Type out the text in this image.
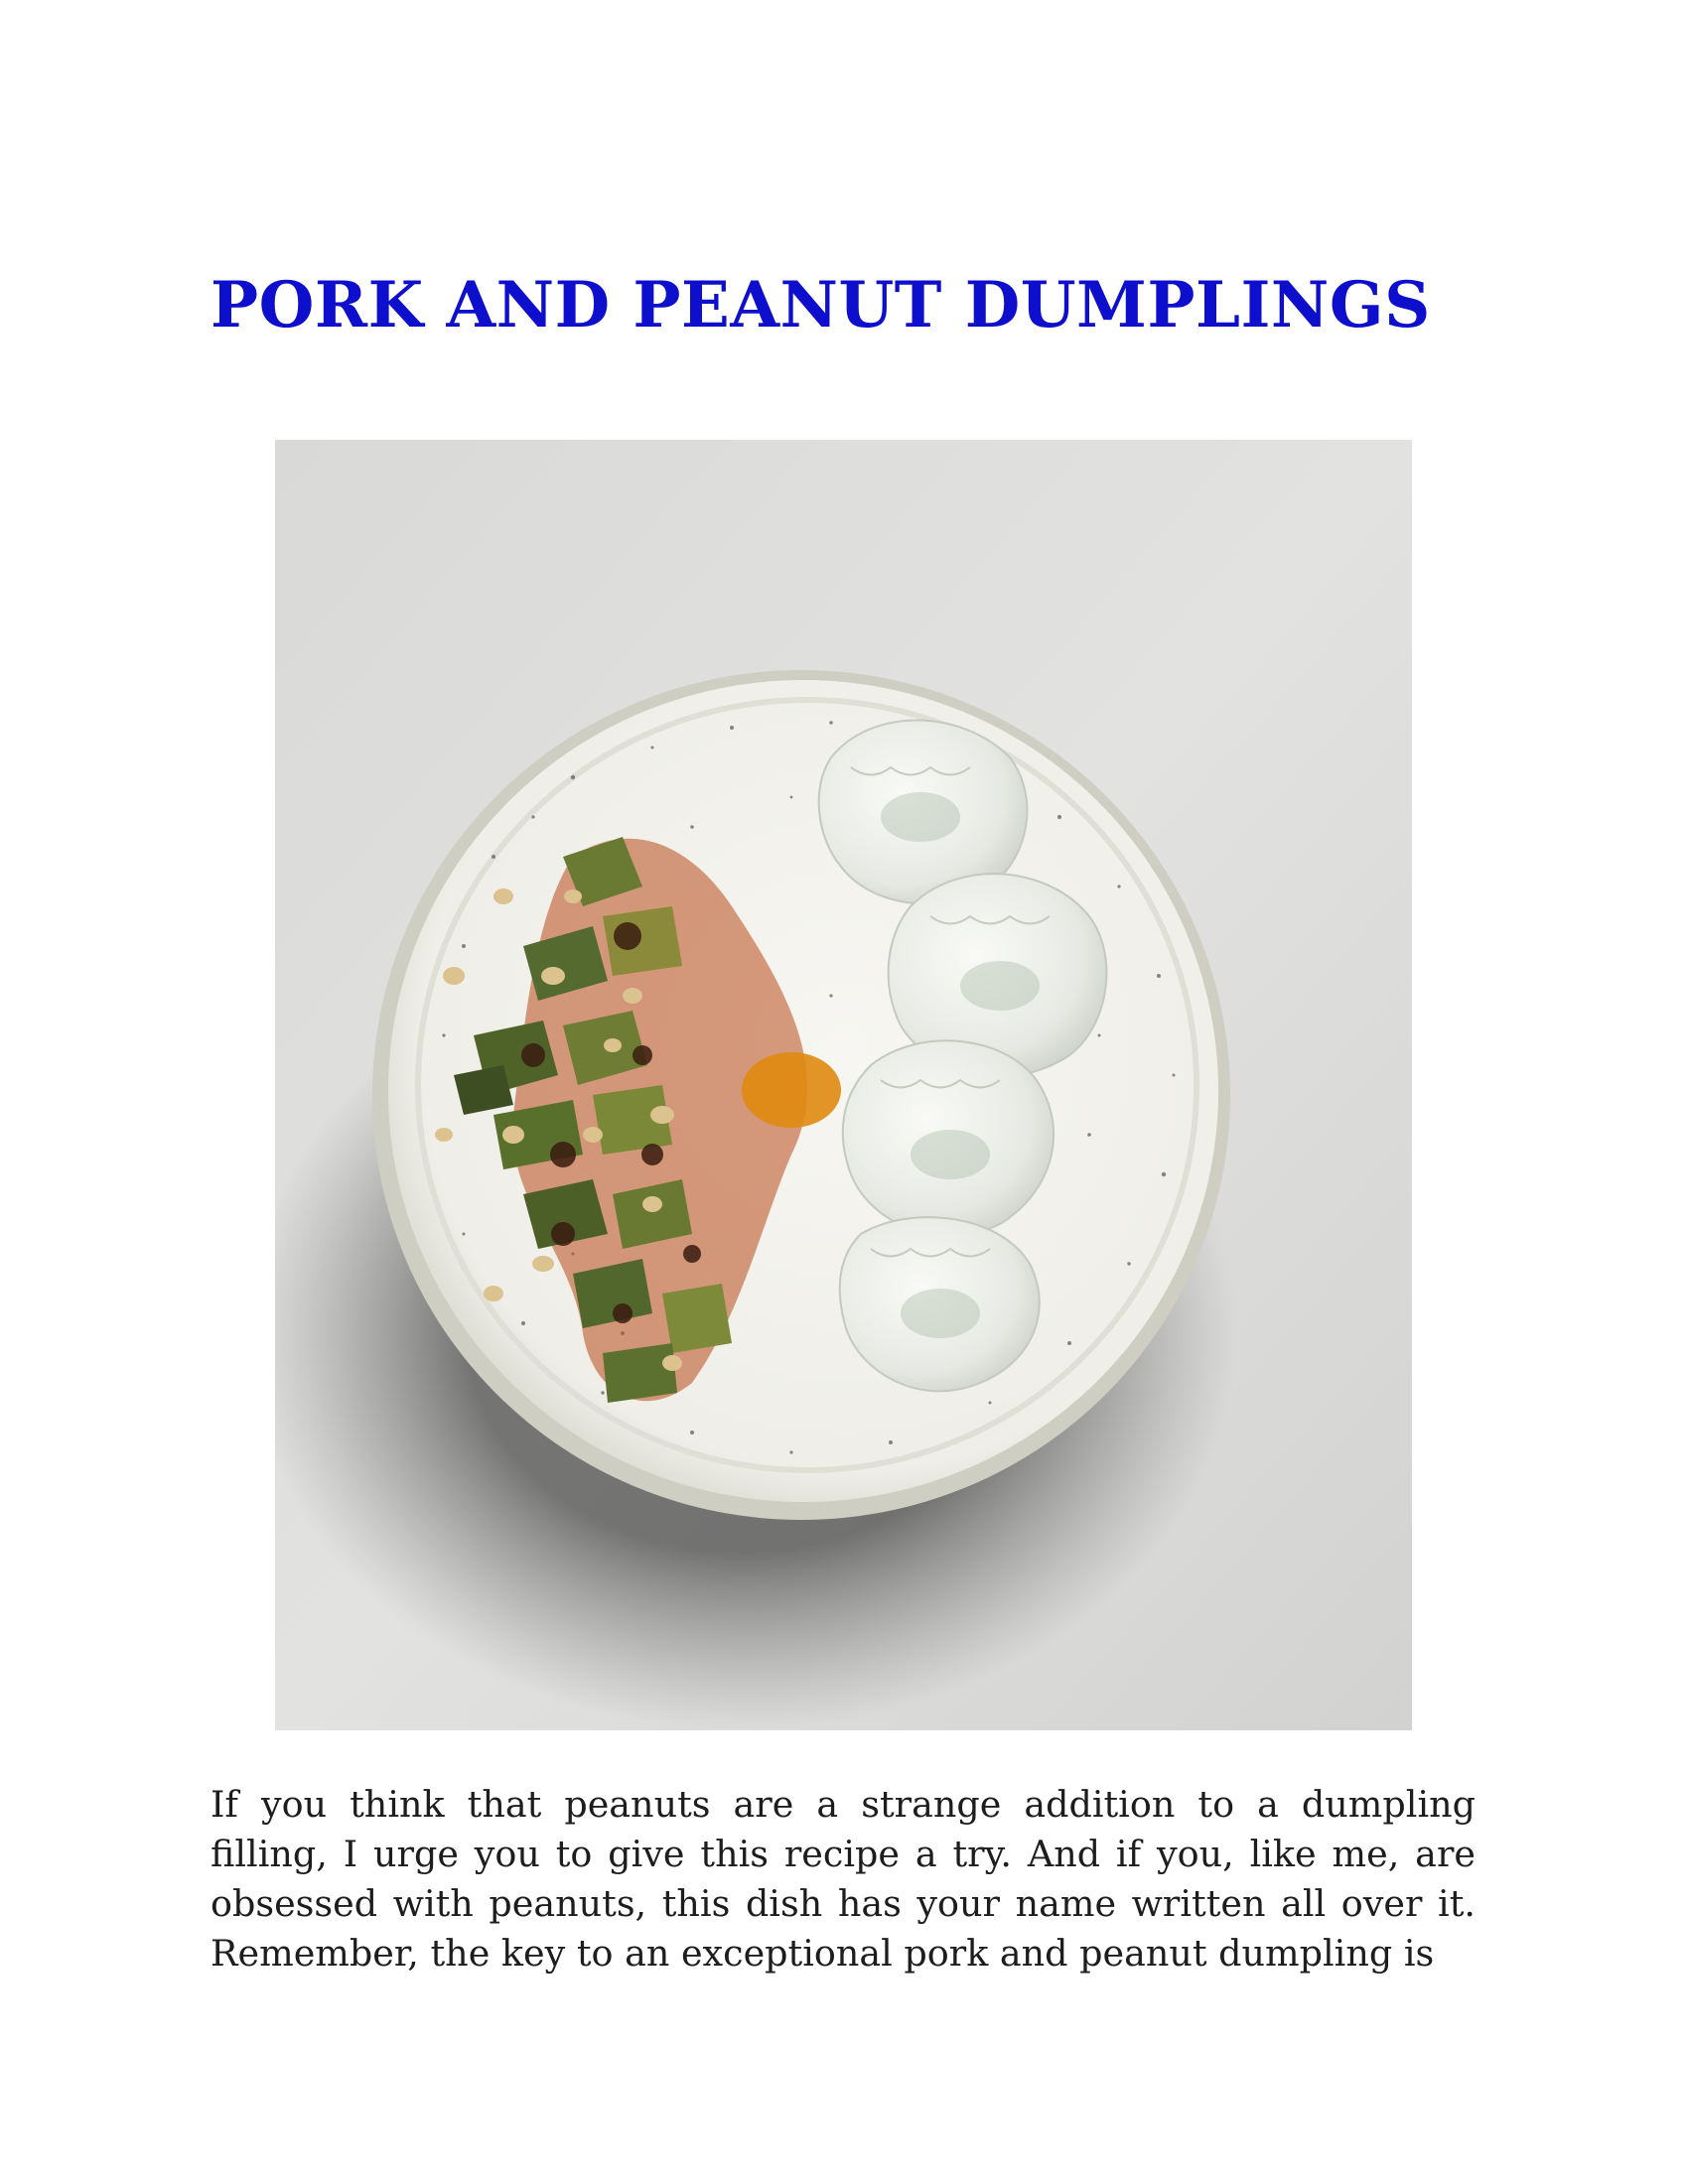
PORK AND PEANUT DUMPLINGS

If you think that peanuts are a strange addition to a dumpling filling, I urge you to give this recipe a try. And if you, like me, are obsessed with peanuts, this dish has your name written all over it. Remember, the key to an exceptional pork and peanut dumpling is
